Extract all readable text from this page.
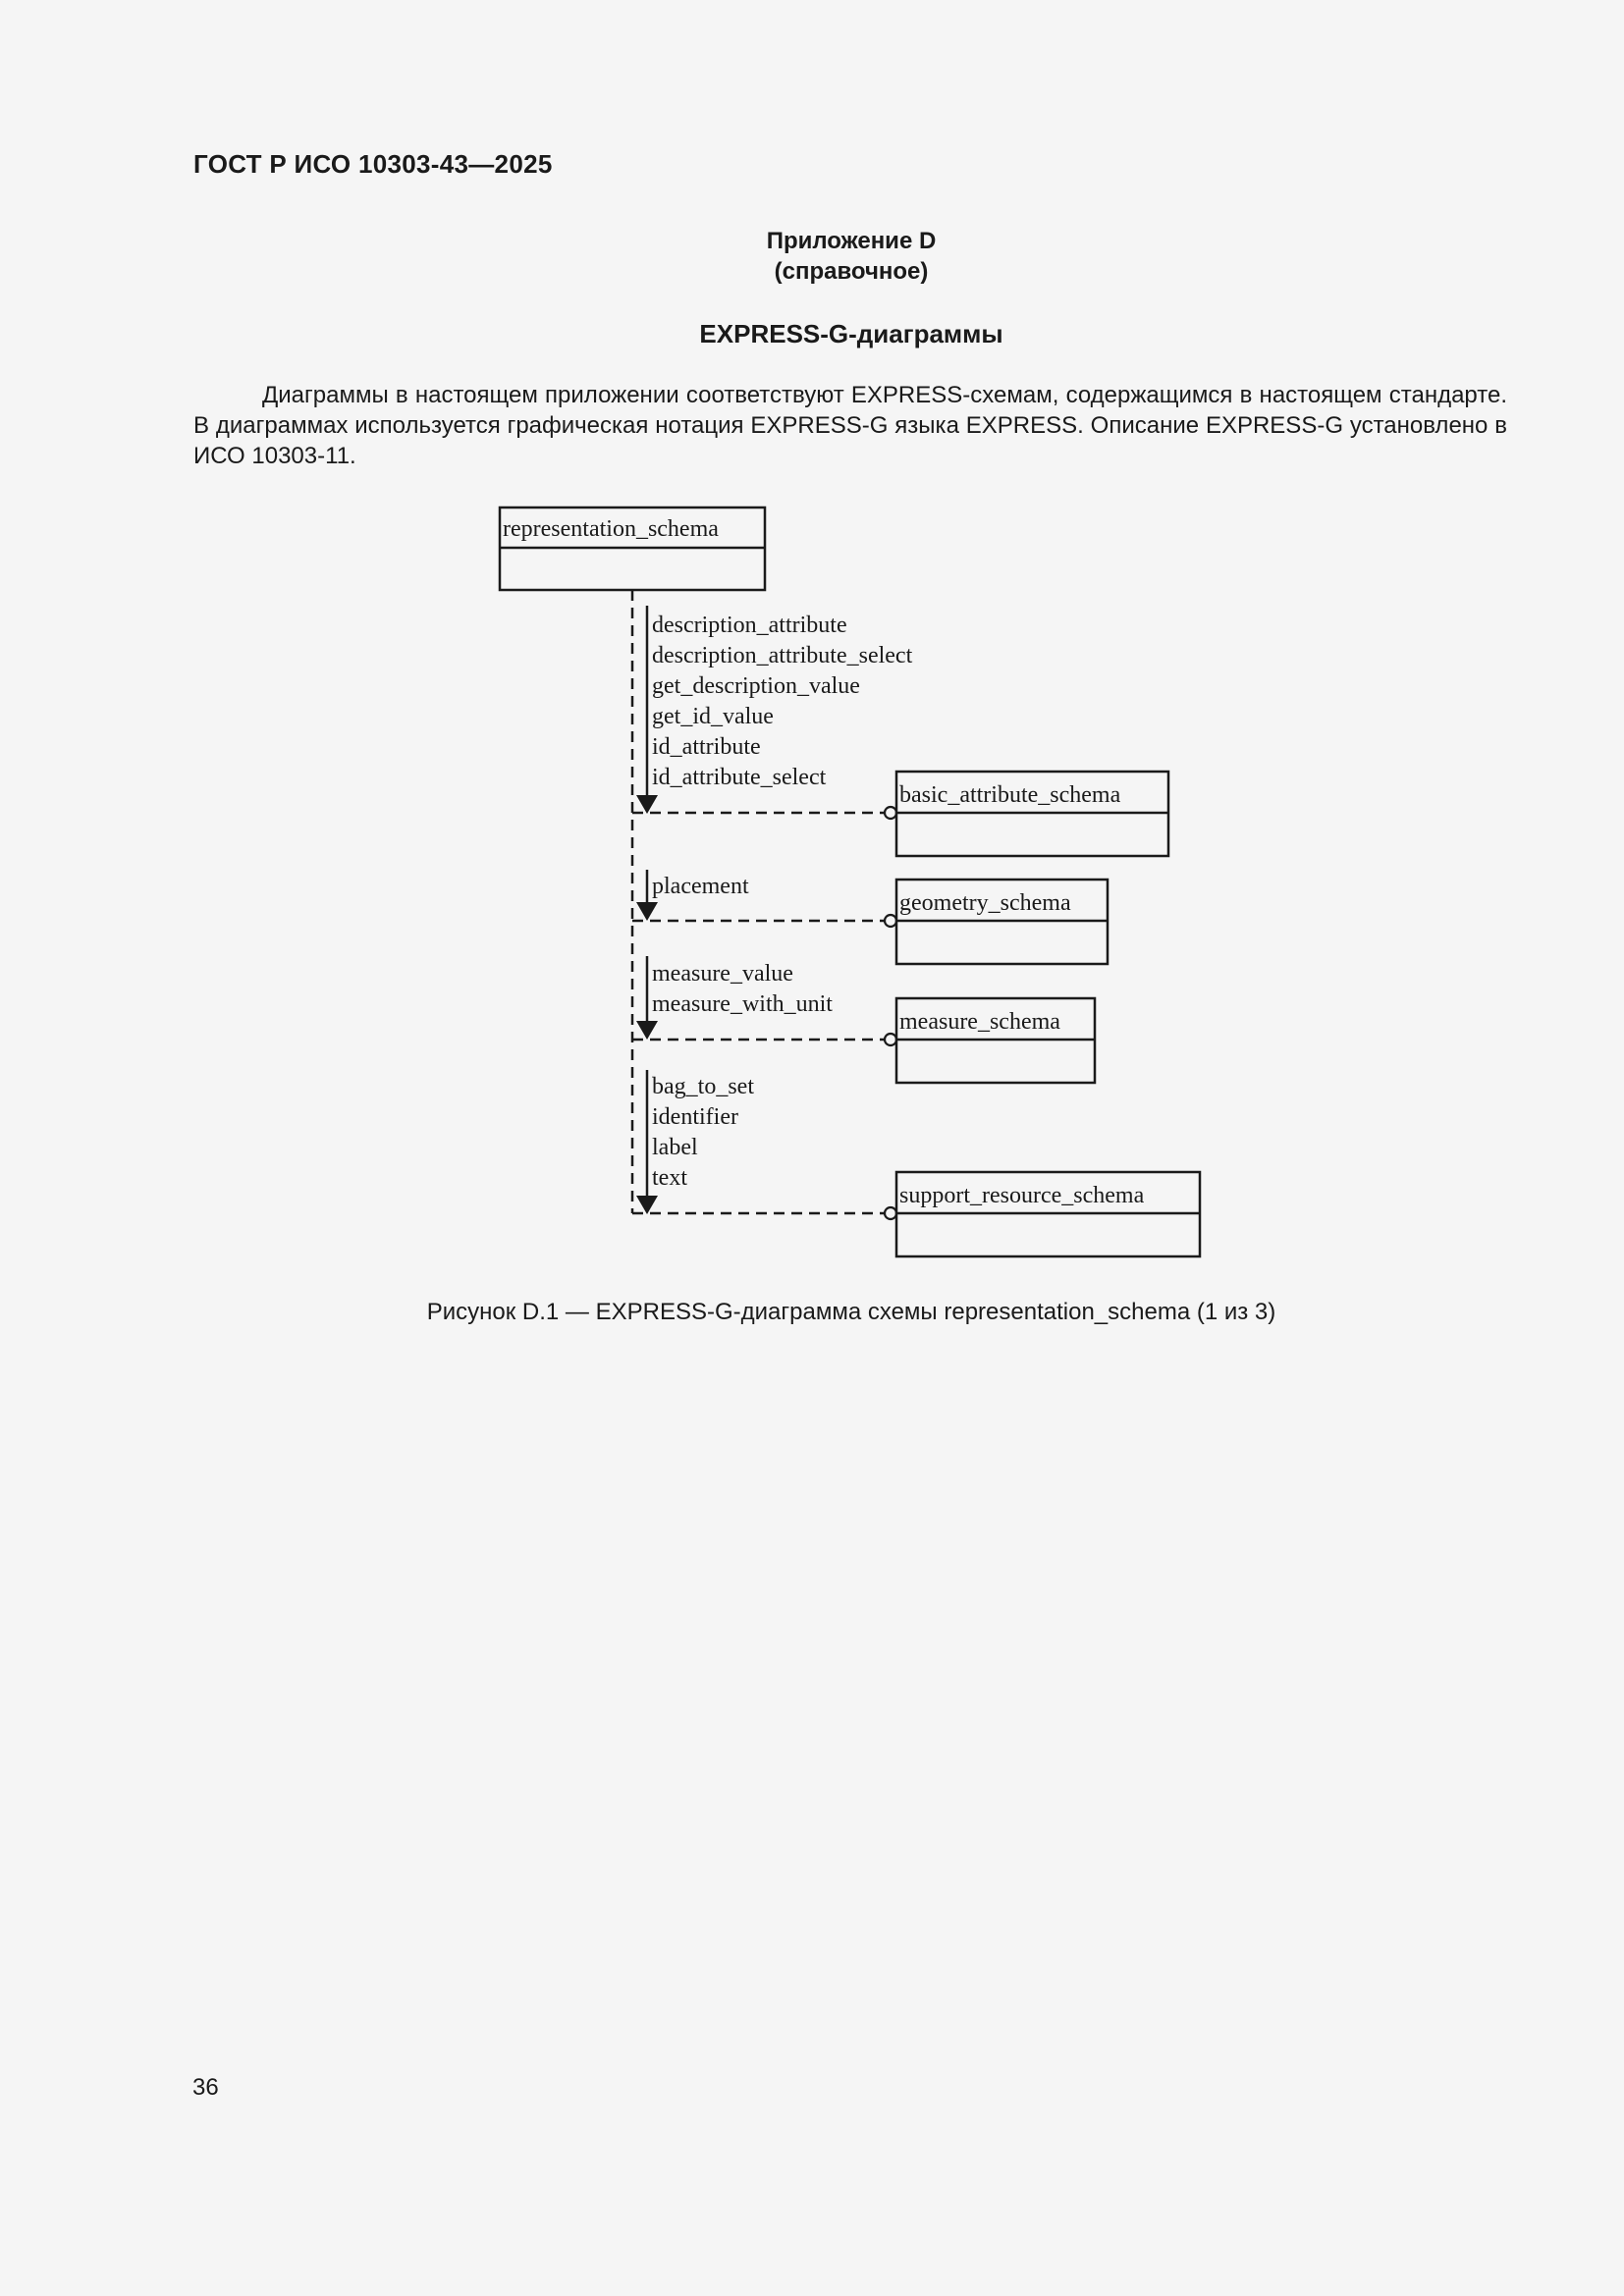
ГОСТ Р ИСО 10303-43—2025
Приложение D
(справочное)
EXPRESS-G-диаграммы
Диаграммы в настоящем приложении соответствуют EXPRESS-схемам, содержащимся в настоящем стандарте. В диаграммах используется графическая нотация EXPRESS-G языка EXPRESS. Описание EXPRESS-G установлено в ИСО 10303-11.
representation_schema
description_attribute
description_attribute_select
get_description_value
get_id_value
id_attribute
id_attribute_select
basic_attribute_schema
placement
geometry_schema
measure_value
measure_with_unit
measure_schema
bag_to_set
identifier
label
text
support_resource_schema
Рисунок D.1 — EXPRESS-G-диаграмма схемы representation_schema (1 из 3)
36
